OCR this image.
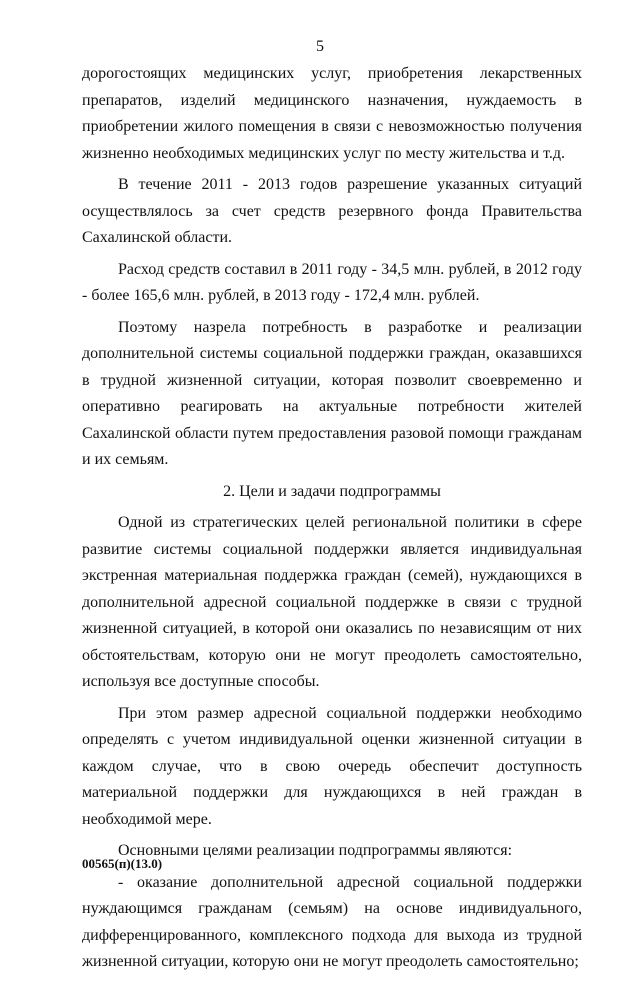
5

дорогостоящих медицинских услуг, приобретения лекарственных препаратов, изделий медицинского назначения, нуждаемость в приобретении жилого помещения в связи с невозможностью получения жизненно необходимых медицинских услуг по месту жительства и т.д.

В течение 2011 - 2013 годов разрешение указанных ситуаций осуществлялось за счет средств резервного фонда Правительства Сахалинской области.

Расход средств составил в 2011 году - 34,5 млн. рублей, в 2012 году - более 165,6 млн. рублей, в 2013 году - 172,4 млн. рублей.

Поэтому назрела потребность в разработке и реализации дополнительной системы социальной поддержки граждан, оказавшихся в трудной жизненной ситуации, которая позволит своевременно и оперативно реагировать на актуальные потребности жителей Сахалинской области путем предоставления разовой помощи гражданам и их семьям.

2. Цели и задачи подпрограммы

Одной из стратегических целей региональной политики в сфере развитие системы социальной поддержки является индивидуальная экстренная материальная поддержка граждан (семей), нуждающихся в дополнительной адресной социальной поддержке в связи с трудной жизненной ситуацией, в которой они оказались по независящим от них обстоятельствам, которую они не могут преодолеть самостоятельно, используя все доступные способы.

При этом размер адресной социальной поддержки необходимо определять с учетом индивидуальной оценки жизненной ситуации в каждом случае, что в свою очередь обеспечит доступность материальной поддержки для нуждающихся в ней граждан в необходимой мере.

Основными целями реализации подпрограммы являются:

- оказание дополнительной адресной социальной поддержки нуждающимся гражданам (семьям) на основе индивидуального, дифференцированного, комплексного подхода для выхода из трудной жизненной ситуации, которую они не могут преодолеть самостоятельно;

00565(п)(13.0)
